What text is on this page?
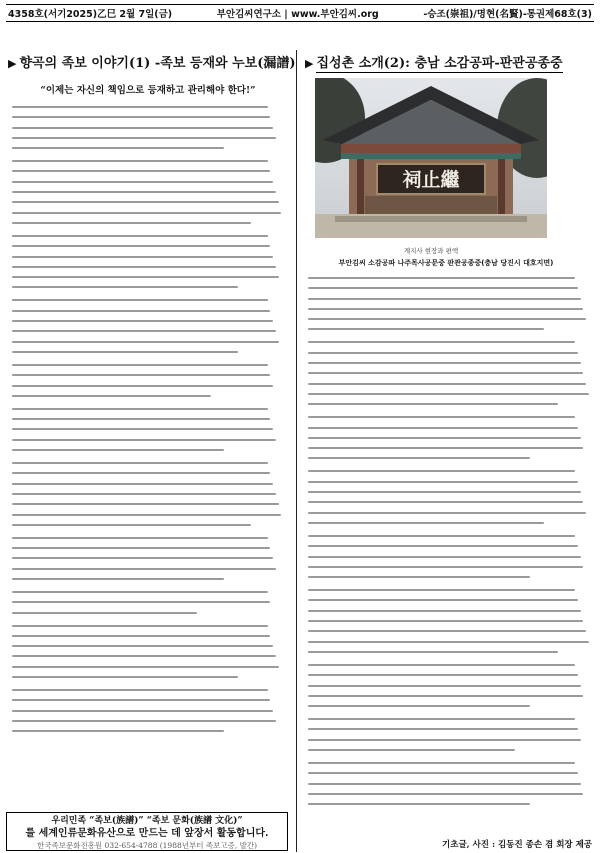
4358호(서기2025)乙巳 2월 7일(금)	부안김씨연구소 | www.부안김씨.org	-승조(崇祖)/명현(名賢)-통권제68호(3)
▶ 향곡의 족보 이야기(1) -족보 등재와 누보(漏譜)
“이제는 자신의 책임으로 등재하고 관리해야 한다!”
우리민족 “족보(族譜)” “족보 문화(族譜 文化)”
를 세계인류문화유산으로 만드는 데 앞장서 활동합니다.
한국족보문화진흥원 032-654-4788 (1988년부터 족보고증, 발간)
▶ 집성촌 소개(2): 충남 소감공파-판관공종중
祠止繼
계지사 현장과 편액
부안김씨 소감공파 나주목사공문중 판관공종중(충남 당진시 대호지면)
기초글, 사진 : 김동진 종손 겸 회장 제공
